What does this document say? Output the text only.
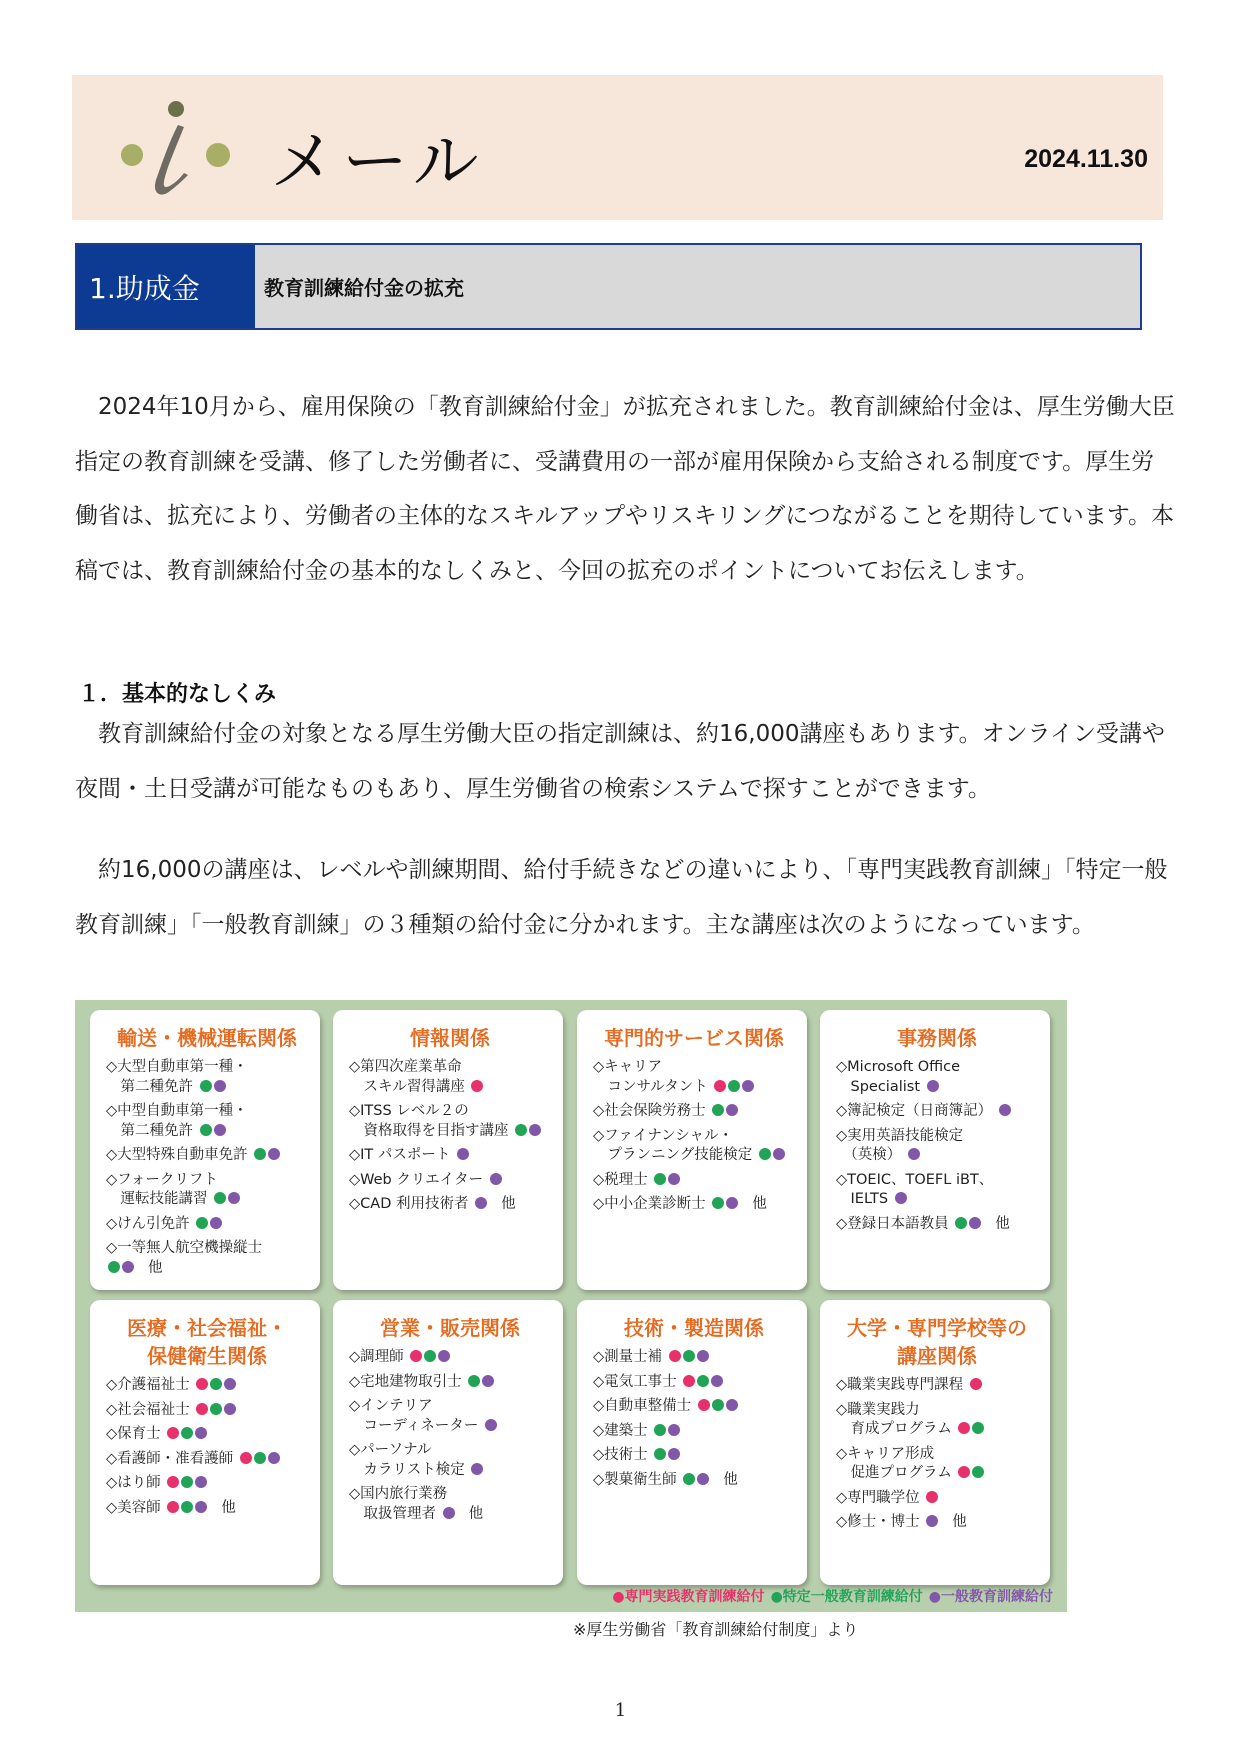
メール	2024.11.30
1.助成金	教育訓練給付金の拡充

　2024年10月から、雇用保険の「教育訓練給付金」が拡充されました。教育訓練給付金は、厚生労働大臣指定の教育訓練を受講、修了した労働者に、受講費用の一部が雇用保険から支給される制度です。厚生労働省は、拡充により、労働者の主体的なスキルアップやリスキリングにつながることを期待しています。本稿では、教育訓練給付金の基本的なしくみと、今回の拡充のポイントについてお伝えします。

１．基本的なしくみ

　教育訓練給付金の対象となる厚生労働大臣の指定訓練は、約16,000講座もあります。オンライン受講や夜間・土日受講が可能なものもあり、厚生労働省の検索システムで探すことができます。

　約16,000の講座は、レベルや訓練期間、給付手続きなどの違いにより、「専門実践教育訓練」「特定一般教育訓練」「一般教育訓練」の３種類の給付金に分かれます。主な講座は次のようになっています。

輸送・機械運転関係
◇大型自動車第一種・
　第二種免許
◇中型自動車第一種・
　第二種免許
◇大型特殊自動車免許
◇フォークリフト
　運転技能講習
◇けん引免許
◇一等無人航空機操縦士 他
情報関係
◇第四次産業革命
　スキル習得講座
◇ITSS レベル２の
　資格取得を目指す講座
◇IT パスポート
◇Web クリエイター
◇CAD 利用技術者 他
専門的サービス関係
◇キャリア
　コンサルタント
◇社会保険労務士
◇ファイナンシャル・
　プランニング技能検定
◇税理士
◇中小企業診断士	他
事務関係
◇Microsoft Office
　Specialist
◇簿記検定（日商簿記）
◇実用英語技能検定
　（英検）
◇TOEIC、TOEFL iBT、
　IELTS
◇登録日本語教員	他
医療・社会福祉・
保健衛生関係
◇介護福祉士
◇社会福祉士
◇保育士
◇看護師・准看護師
◇はり師
◇美容師	他
営業・販売関係
◇調理師
◇宅地建物取引士
◇インテリア
　コーディネーター
◇パーソナル
　カラリスト検定
◇国内旅行業務
　取扱管理者 他
技術・製造関係
◇測量士補
◇電気工事士
◇自動車整備士
◇建築士
◇技術士
◇製菓衛生師	他
大学・専門学校等の
講座関係
◇職業実践専門課程
◇職業実践力
　育成プログラム
◇キャリア形成
　促進プログラム
◇専門職学位
◇修士・博士 他
●専門実践教育訓練給付 ●特定一般教育訓練給付 ●一般教育訓練給付
※厚生労働省「教育訓練給付制度」より
1
